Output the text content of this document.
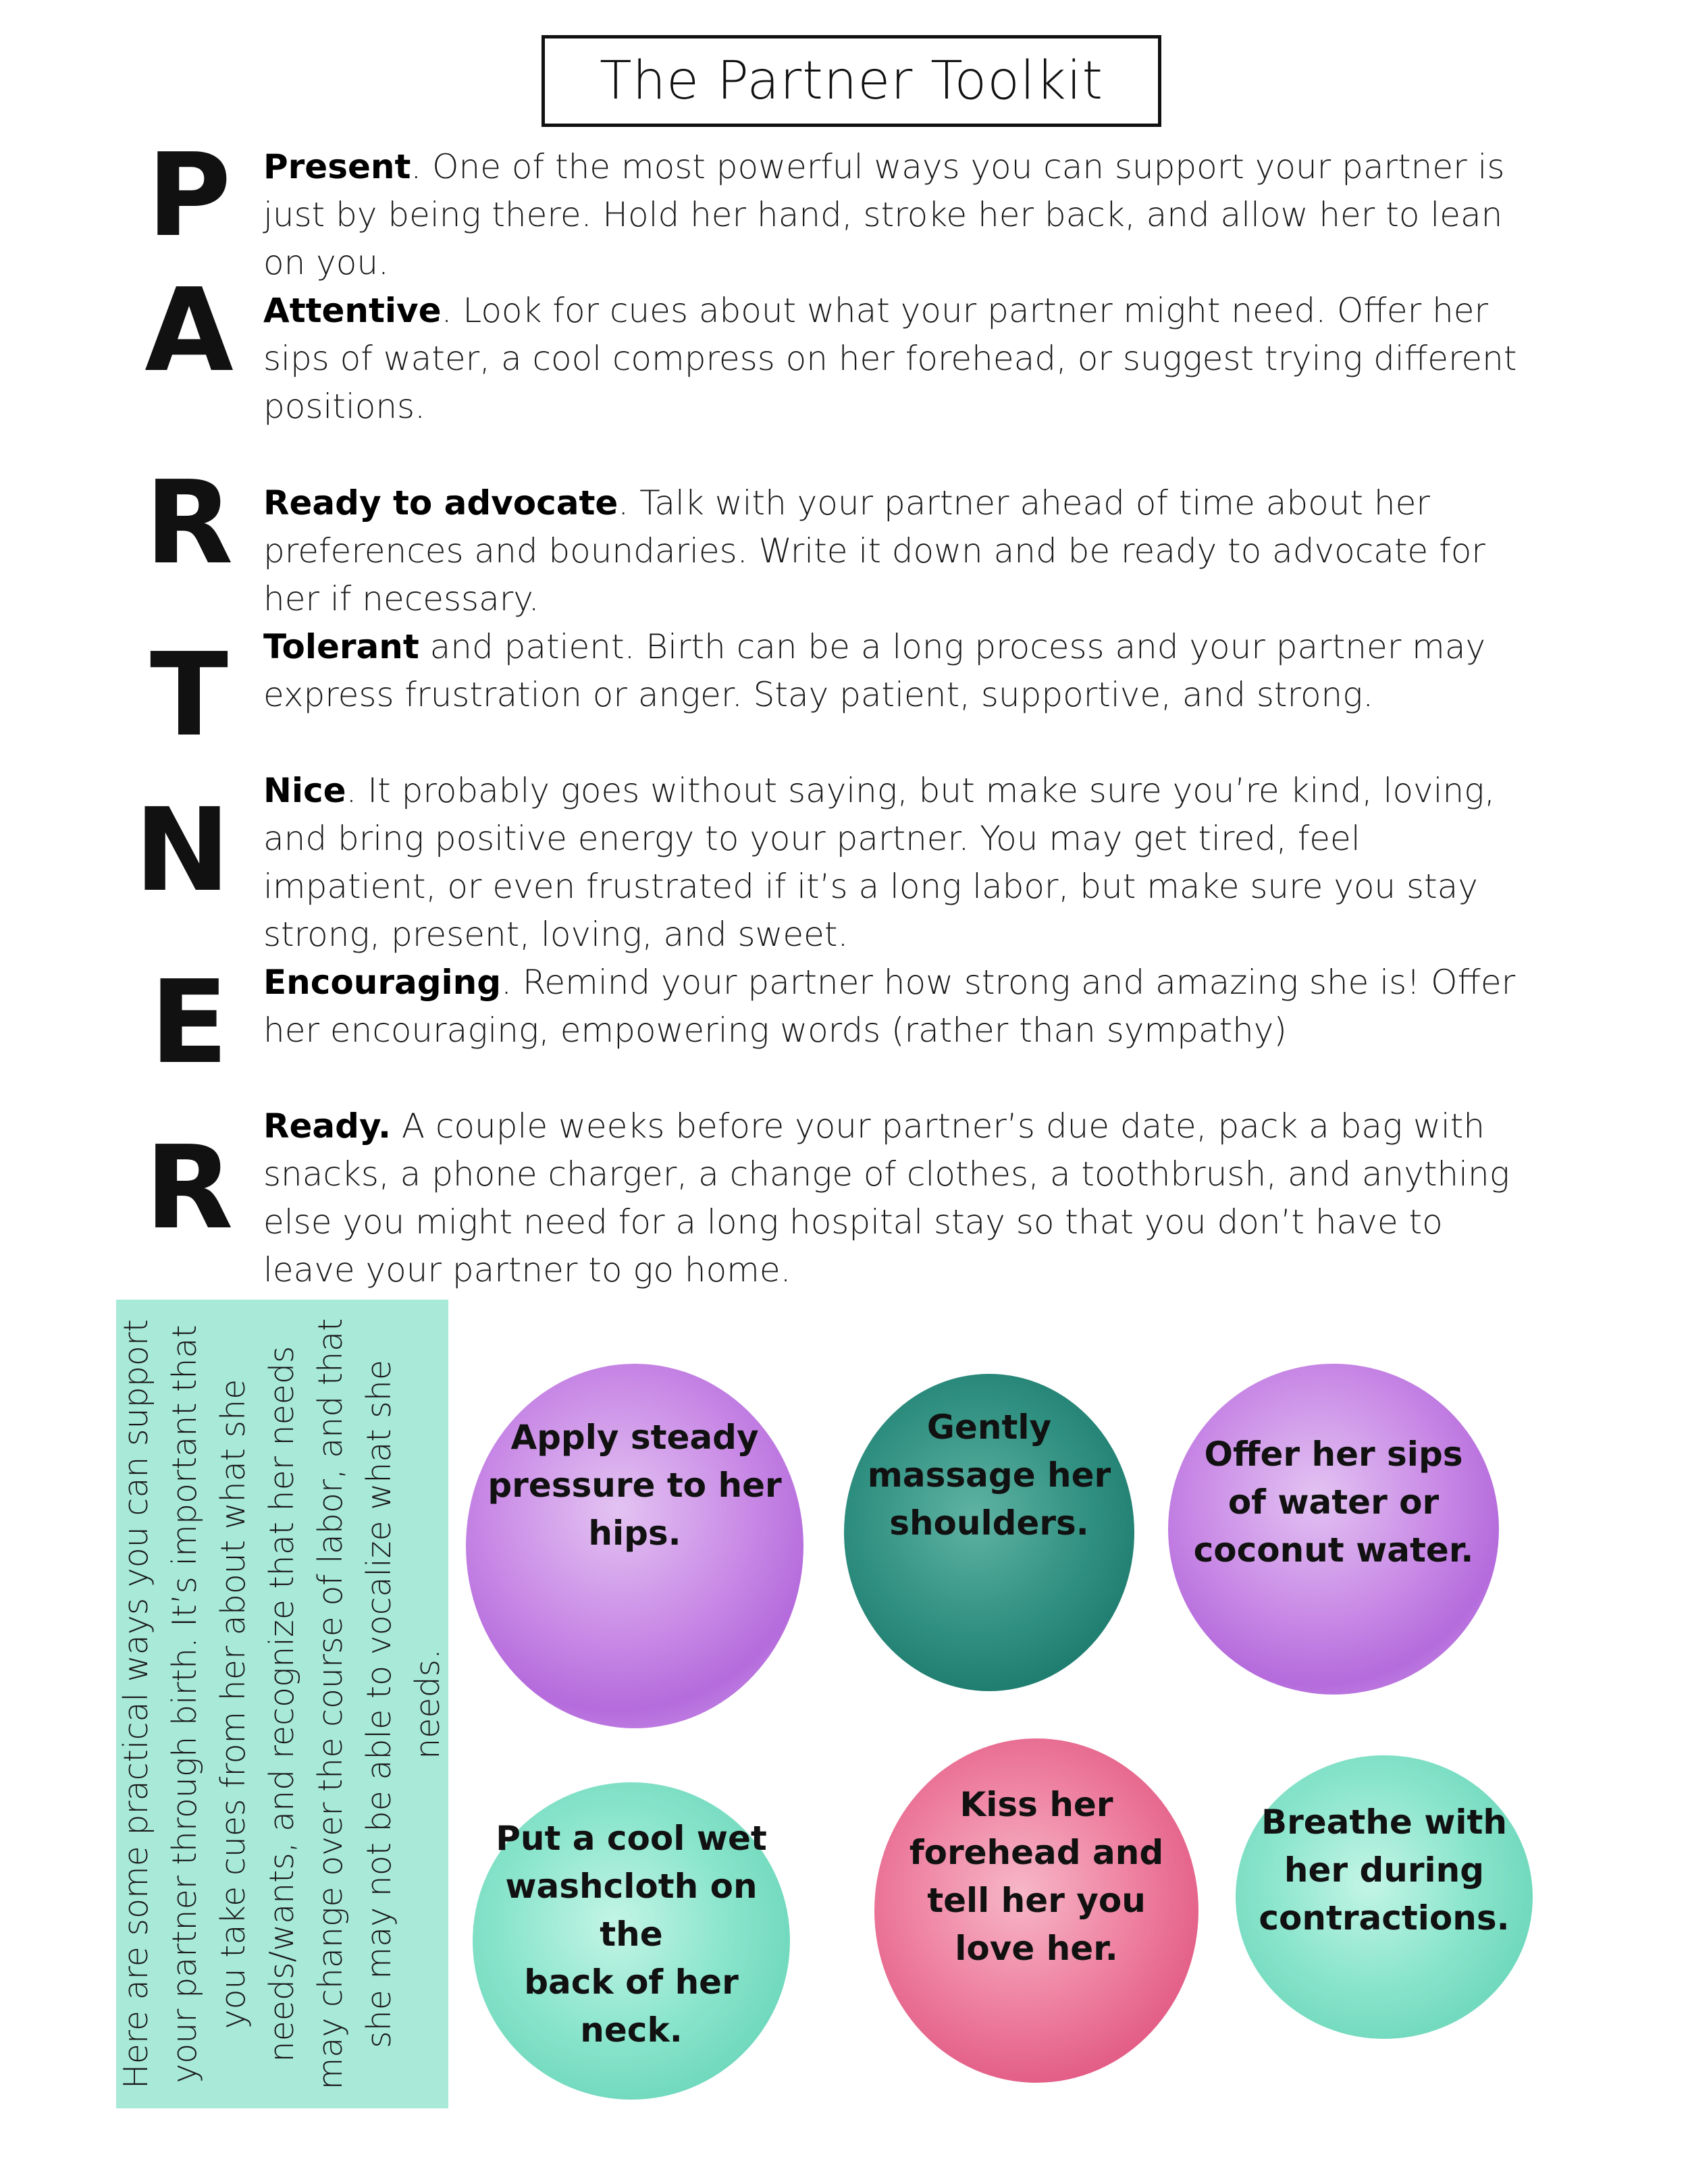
The Partner Toolkit
P
A
R
T
N
E
R
Present. One of the most powerful ways you can support your partner is just by being there. Hold her hand, stroke her back, and allow her to lean on you.
Attentive. Look for cues about what your partner might need. Offer her sips of water, a cool compress on her forehead, or suggest trying different positions.
Ready to advocate. Talk with your partner ahead of time about her preferences and boundaries. Write it down and be ready to advocate for her if necessary.
Tolerant and patient. Birth can be a long process and your partner may express frustration or anger. Stay patient, supportive, and strong.
Nice. It probably goes without saying, but make sure you’re kind, loving, and bring positive energy to your partner. You may get tired, feel impatient, or even frustrated if it’s a long labor, but make sure you stay strong, present, loving, and sweet.
Encouraging. Remind your partner how strong and amazing she is! Offer her encouraging, empowering words (rather than sympathy)
Ready. A couple weeks before your partner’s due date, pack a bag with snacks, a phone charger, a change of clothes, a toothbrush, and anything else you might need for a long hospital stay so that you don’t have to leave your partner to go home.
Here are some practical ways you can support your partner through birth. It’s important that you take cues from her about what she needs/wants, and recognize that her needs may change over the course of labor, and that she may not be able to vocalize what she needs.
Apply steady
pressure to her
hips.
Gently
massage her
shoulders.
Offer her sips
of water or
coconut water.
Put a cool wet
washcloth on the
back of her neck.
Kiss her
forehead and
tell her you
love her.
Breathe with
her during
contractions.
